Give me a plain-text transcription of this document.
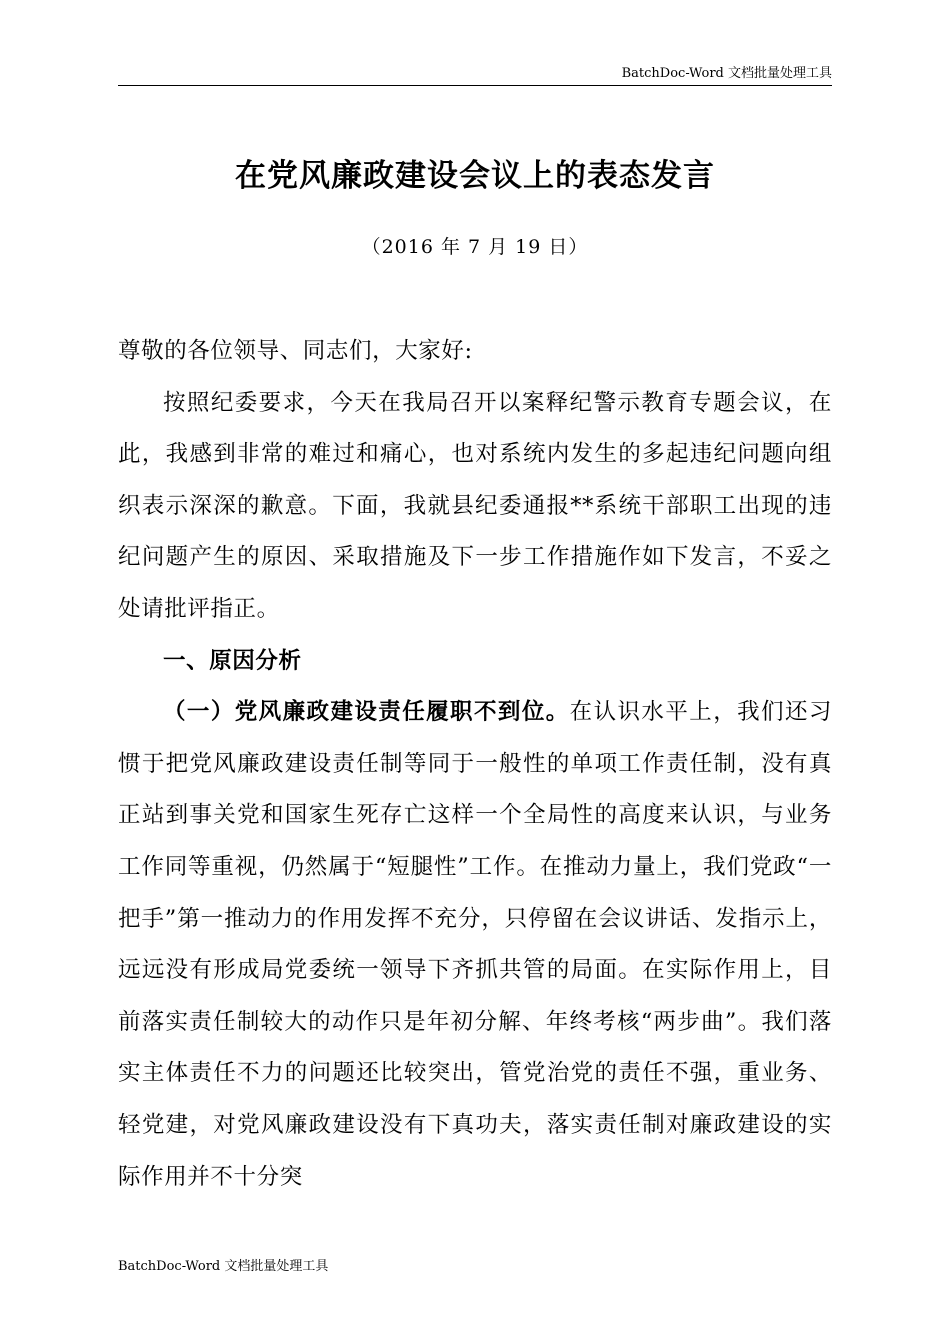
BatchDoc-Word 文档批量处理工具
在党风廉政建设会议上的表态发言
（2016 年 7 月 19 日）

尊敬的各位领导、同志们，大家好:

按照纪委要求，今天在我局召开以案释纪警示教育专题会议，在此，我感到非常的难过和痛心，也对系统内发生的多起违纪问题向组织表示深深的歉意。下面，我就县纪委通报**系统干部职工出现的违纪问题产生的原因、采取措施及下一步工作措施作如下发言，不妥之处请批评指正。

一、原因分析

（一）党风廉政建设责任履职不到位。在认识水平上，我们还习惯于把党风廉政建设责任制等同于一般性的单项工作责任制，没有真正站到事关党和国家生死存亡这样一个全局性的高度来认识，与业务工作同等重视，仍然属于“短腿性”工作。在推动力量上，我们党政“一把手”第一推动力的作用发挥不充分，只停留在会议讲话、发指示上，远远没有形成局党委统一领导下齐抓共管的局面。在实际作用上，目前落实责任制较大的动作只是年初分解、年终考核“两步曲”。我们落实主体责任不力的问题还比较突出，管党治党的责任不强，重业务、轻党建，对党风廉政建设没有下真功夫，落实责任制对廉政建设的实际作用并不十分突

BatchDoc-Word 文档批量处理工具
